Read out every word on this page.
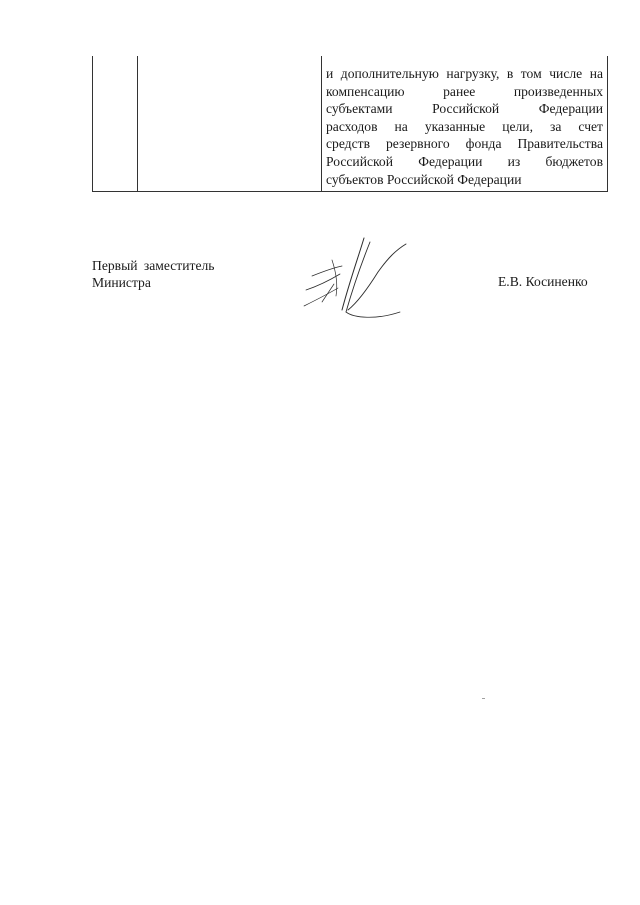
и дополнительную нагрузку, в том числе на
компенсацию ранее произведенных
субъектами Российской Федерации
расходов на указанные цели, за счет
средств резервного фонда Правительства
Российской Федерации из бюджетов
субъектов Российской Федерации
Первый заместитель
Министра	Е.В. Косиненко
